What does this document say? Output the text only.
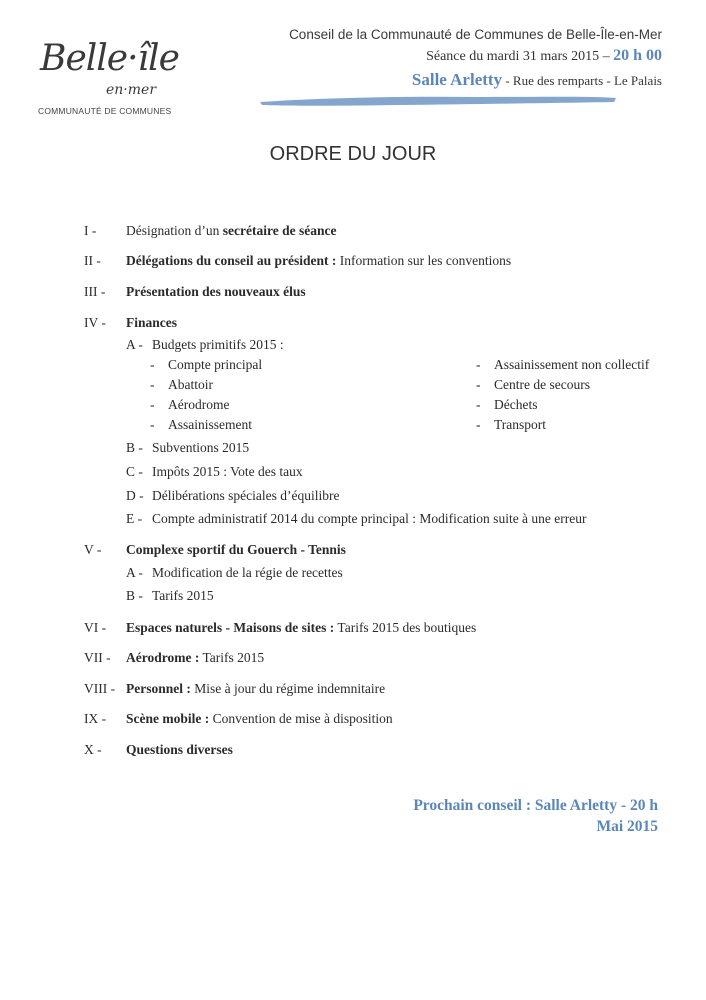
Belle·île
en·mer
COMMUNAUTÉ DE COMMUNES
Conseil de la Communauté de Communes de Belle-Île-en-Mer
Séance du mardi 31 mars 2015 – 20 h 00
Salle Arletty - Rue des remparts - Le Palais
ORDRE DU JOUR
I - Désignation d’un secrétaire de séance
II - Délégations du conseil au président : Information sur les conventions
III - Présentation des nouveaux élus
IV - Finances
A - Budgets primitifs 2015 :
-    Compte principal
-    Abattoir
-    Aérodrome
-    Assainissement
-    Assainissement non collectif
-    Centre de secours
-    Déchets
-    Transport
B - Subventions 2015
C - Impôts 2015 : Vote des taux
D - Délibérations spéciales d’équilibre
E - Compte administratif 2014 du compte principal : Modification suite à une erreur
V - Complexe sportif du Gouerch - Tennis
A - Modification de la régie de recettes
B - Tarifs 2015
VI - Espaces naturels - Maisons de sites : Tarifs 2015 des boutiques
VII - Aérodrome : Tarifs 2015
VIII - Personnel : Mise à jour du régime indemnitaire
IX - Scène mobile : Convention de mise à disposition
X - Questions diverses
Prochain conseil : Salle Arletty - 20 h
Mai 2015
